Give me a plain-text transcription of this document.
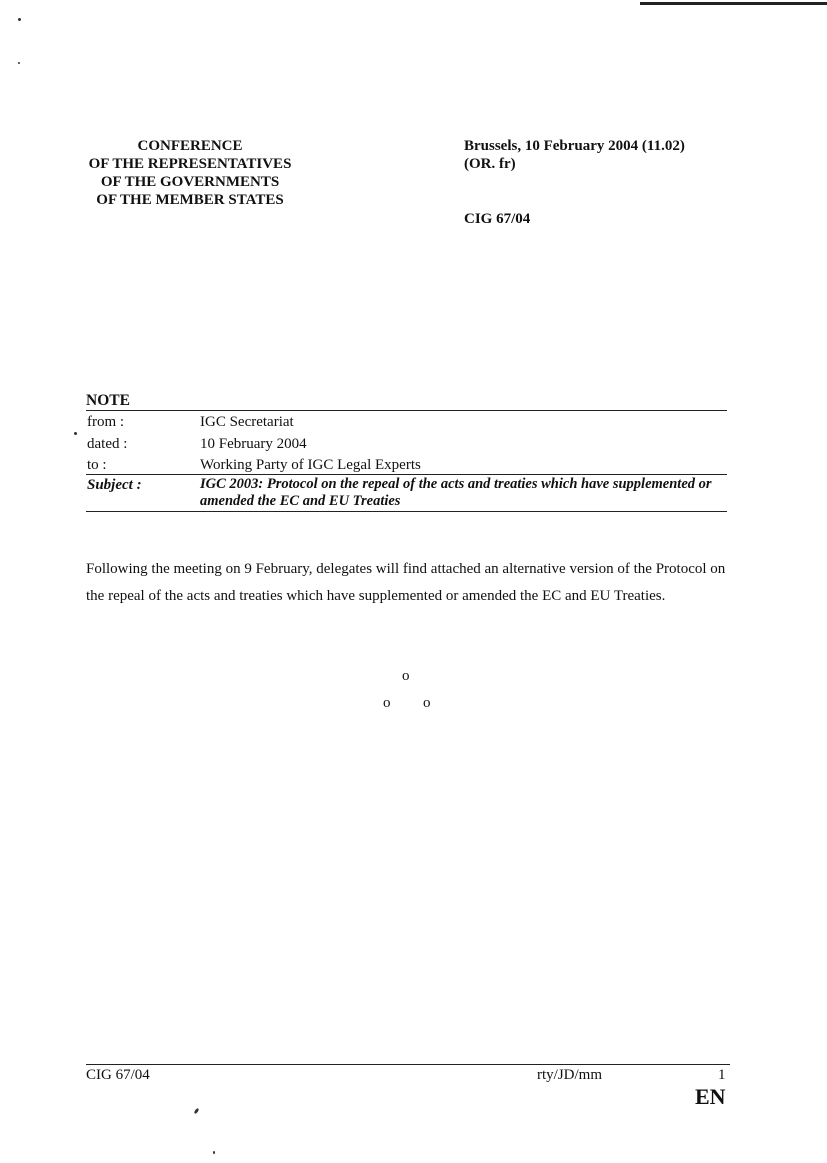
CONFERENCE
OF THE REPRESENTATIVES
OF THE GOVERNMENTS
OF THE MEMBER STATES
Brussels, 10 February 2004 (11.02)
(OR. fr)
CIG 67/04
NOTE
from :	IGC Secretariat
dated :	10 February 2004
to :	Working Party of IGC Legal Experts
Subject :	IGC 2003: Protocol on the repeal of the acts and treaties which have supplemented or amended the EC and EU Treaties
Following the meeting on 9 February, delegates will find attached an alternative version of the Protocol on the repeal of the acts and treaties which have supplemented or amended the EC and EU Treaties.
o
o o
CIG 67/04	rty/JD/mm	1
EN
